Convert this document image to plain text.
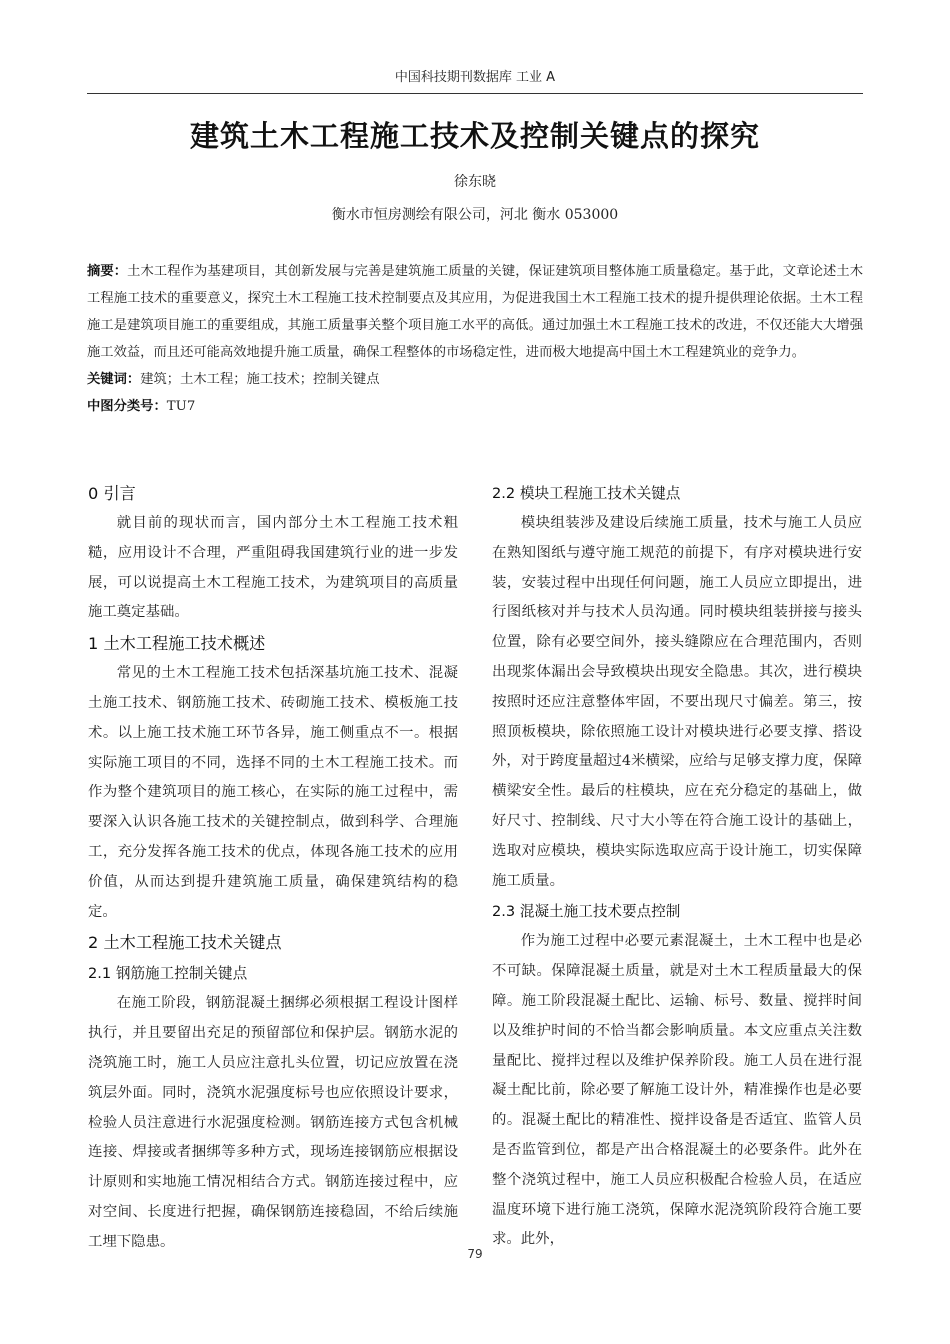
中国科技期刊数据库 工业 A
建筑土木工程施工技术及控制关键点的探究
徐东晓
衡水市恒房测绘有限公司，河北 衡水 053000

摘要：土木工程作为基建项目，其创新发展与完善是建筑施工质量的关键，保证建筑项目整体施工质量稳定。基于此，文章论述土木工程施工技术的重要意义，探究土木工程施工技术控制要点及其应用，为促进我国土木工程施工技术的提升提供理论依据。土木工程施工是建筑项目施工的重要组成，其施工质量事关整个项目施工水平的高低。通过加强土木工程施工技术的改进，不仅还能大大增强施工效益，而且还可能高效地提升施工质量，确保工程整体的市场稳定性，进而极大地提高中国土木工程建筑业的竞争力。

关键词：建筑；土木工程；施工技术；控制关键点

中图分类号：TU7

0 引言

就目前的现状而言，国内部分土木工程施工技术粗糙，应用设计不合理，严重阻碍我国建筑行业的进一步发展，可以说提高土木工程施工技术，为建筑项目的高质量施工奠定基础。

1 土木工程施工技术概述

常见的土木工程施工技术包括深基坑施工技术、混凝土施工技术、钢筋施工技术、砖砌施工技术、模板施工技术。以上施工技术施工环节各异，施工侧重点不一。根据实际施工项目的不同，选择不同的土木工程施工技术。而作为整个建筑项目的施工核心，在实际的施工过程中，需要深入认识各施工技术的关键控制点，做到科学、合理施工，充分发挥各施工技术的优点，体现各施工技术的应用价值，从而达到提升建筑施工质量，确保建筑结构的稳定。

2 土木工程施工技术关键点
2.1 钢筋施工控制关键点

在施工阶段，钢筋混凝土捆绑必须根据工程设计图样执行，并且要留出充足的预留部位和保护层。钢筋水泥的浇筑施工时，施工人员应注意扎头位置，切记应放置在浇筑层外面。同时，浇筑水泥强度标号也应依照设计要求，检验人员注意进行水泥强度检测。钢筋连接方式包含机械连接、焊接或者捆绑等多种方式，现场连接钢筋应根据设计原则和实地施工情况相结合方式。钢筋连接过程中，应对空间、长度进行把握，确保钢筋连接稳固，不给后续施工埋下隐患。

2.2 模块工程施工技术关键点

模块组装涉及建设后续施工质量，技术与施工人员应在熟知图纸与遵守施工规范的前提下，有序对模块进行安装，安装过程中出现任何问题，施工人员应立即提出，进行图纸核对并与技术人员沟通。同时模块组装拼接与接头位置，除有必要空间外，接头缝隙应在合理范围内，否则出现浆体漏出会导致模块出现安全隐患。其次，进行模块按照时还应注意整体牢固，不要出现尺寸偏差。第三，按照顶板模块，除依照施工设计对模块进行必要支撑、搭设外，对于跨度量超过4米横梁，应给与足够支撑力度，保障横梁安全性。最后的柱模块，应在充分稳定的基础上，做好尺寸、控制线、尺寸大小等在符合施工设计的基础上，选取对应模块，模块实际选取应高于设计施工，切实保障施工质量。

2.3 混凝土施工技术要点控制

作为施工过程中必要元素混凝土，土木工程中也是必不可缺。保障混凝土质量，就是对土木工程质量最大的保障。施工阶段混凝土配比、运输、标号、数量、搅拌时间以及维护时间的不恰当都会影响质量。本文应重点关注数量配比、搅拌过程以及维护保养阶段。施工人员在进行混凝土配比前，除必要了解施工设计外，精准操作也是必要的。混凝土配比的精准性、搅拌设备是否适宜、监管人员是否监管到位，都是产出合格混凝土的必要条件。此外在整个浇筑过程中，施工人员应积极配合检验人员，在适应温度环境下进行施工浇筑，保障水泥浇筑阶段符合施工要求。此外，

79
